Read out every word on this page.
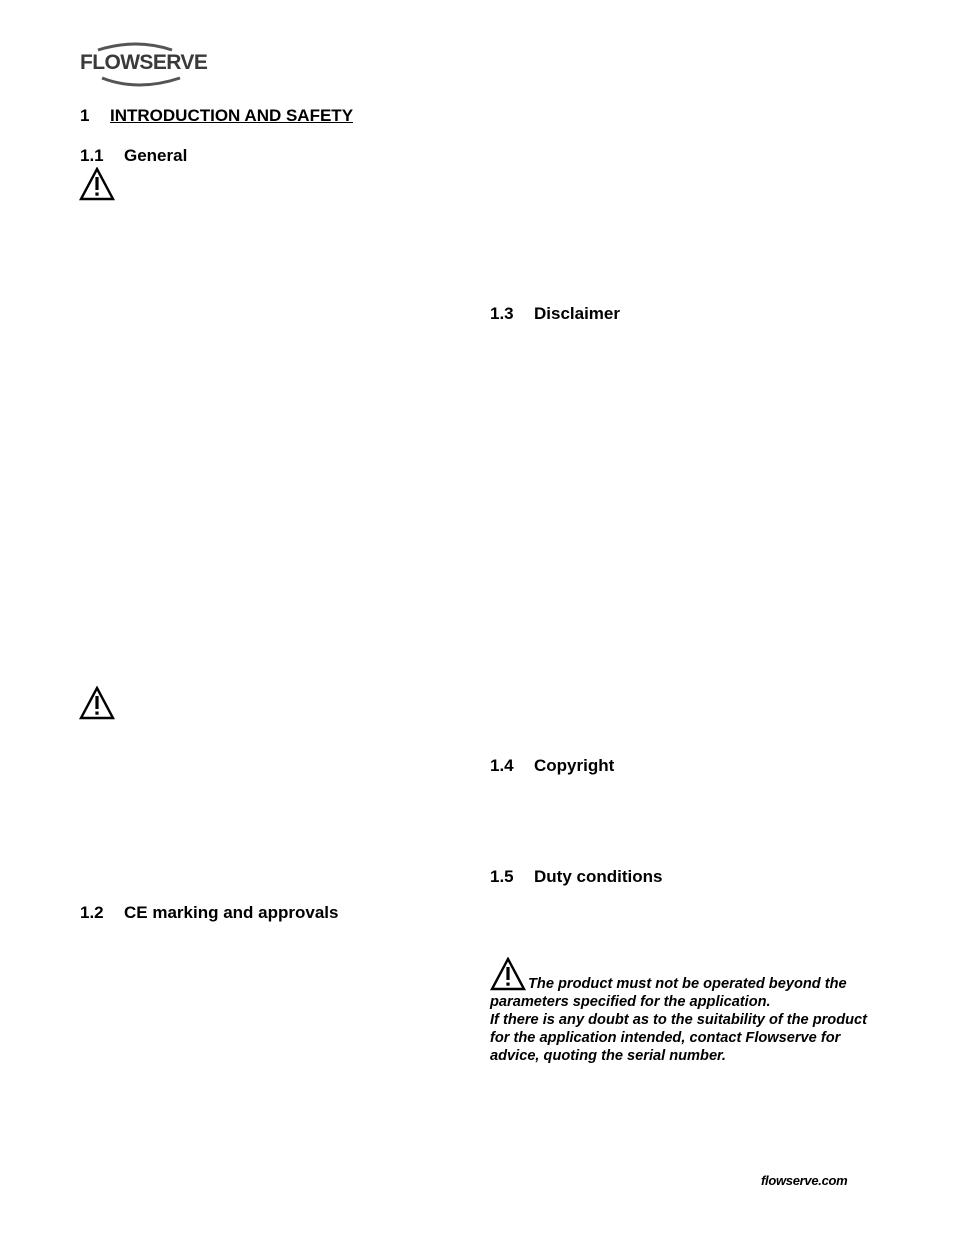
FLOWSERVE
1 INTRODUCTION AND SAFETY
1.1 General
1.2 CE marking and approvals
1.3 Disclaimer
1.4 Copyright
1.5 Duty conditions
The product must not be operated beyond the parameters specified for the application.
If there is any doubt as to the suitability of the product for the application intended, contact Flowserve for advice, quoting the serial number.
flowserve.com
